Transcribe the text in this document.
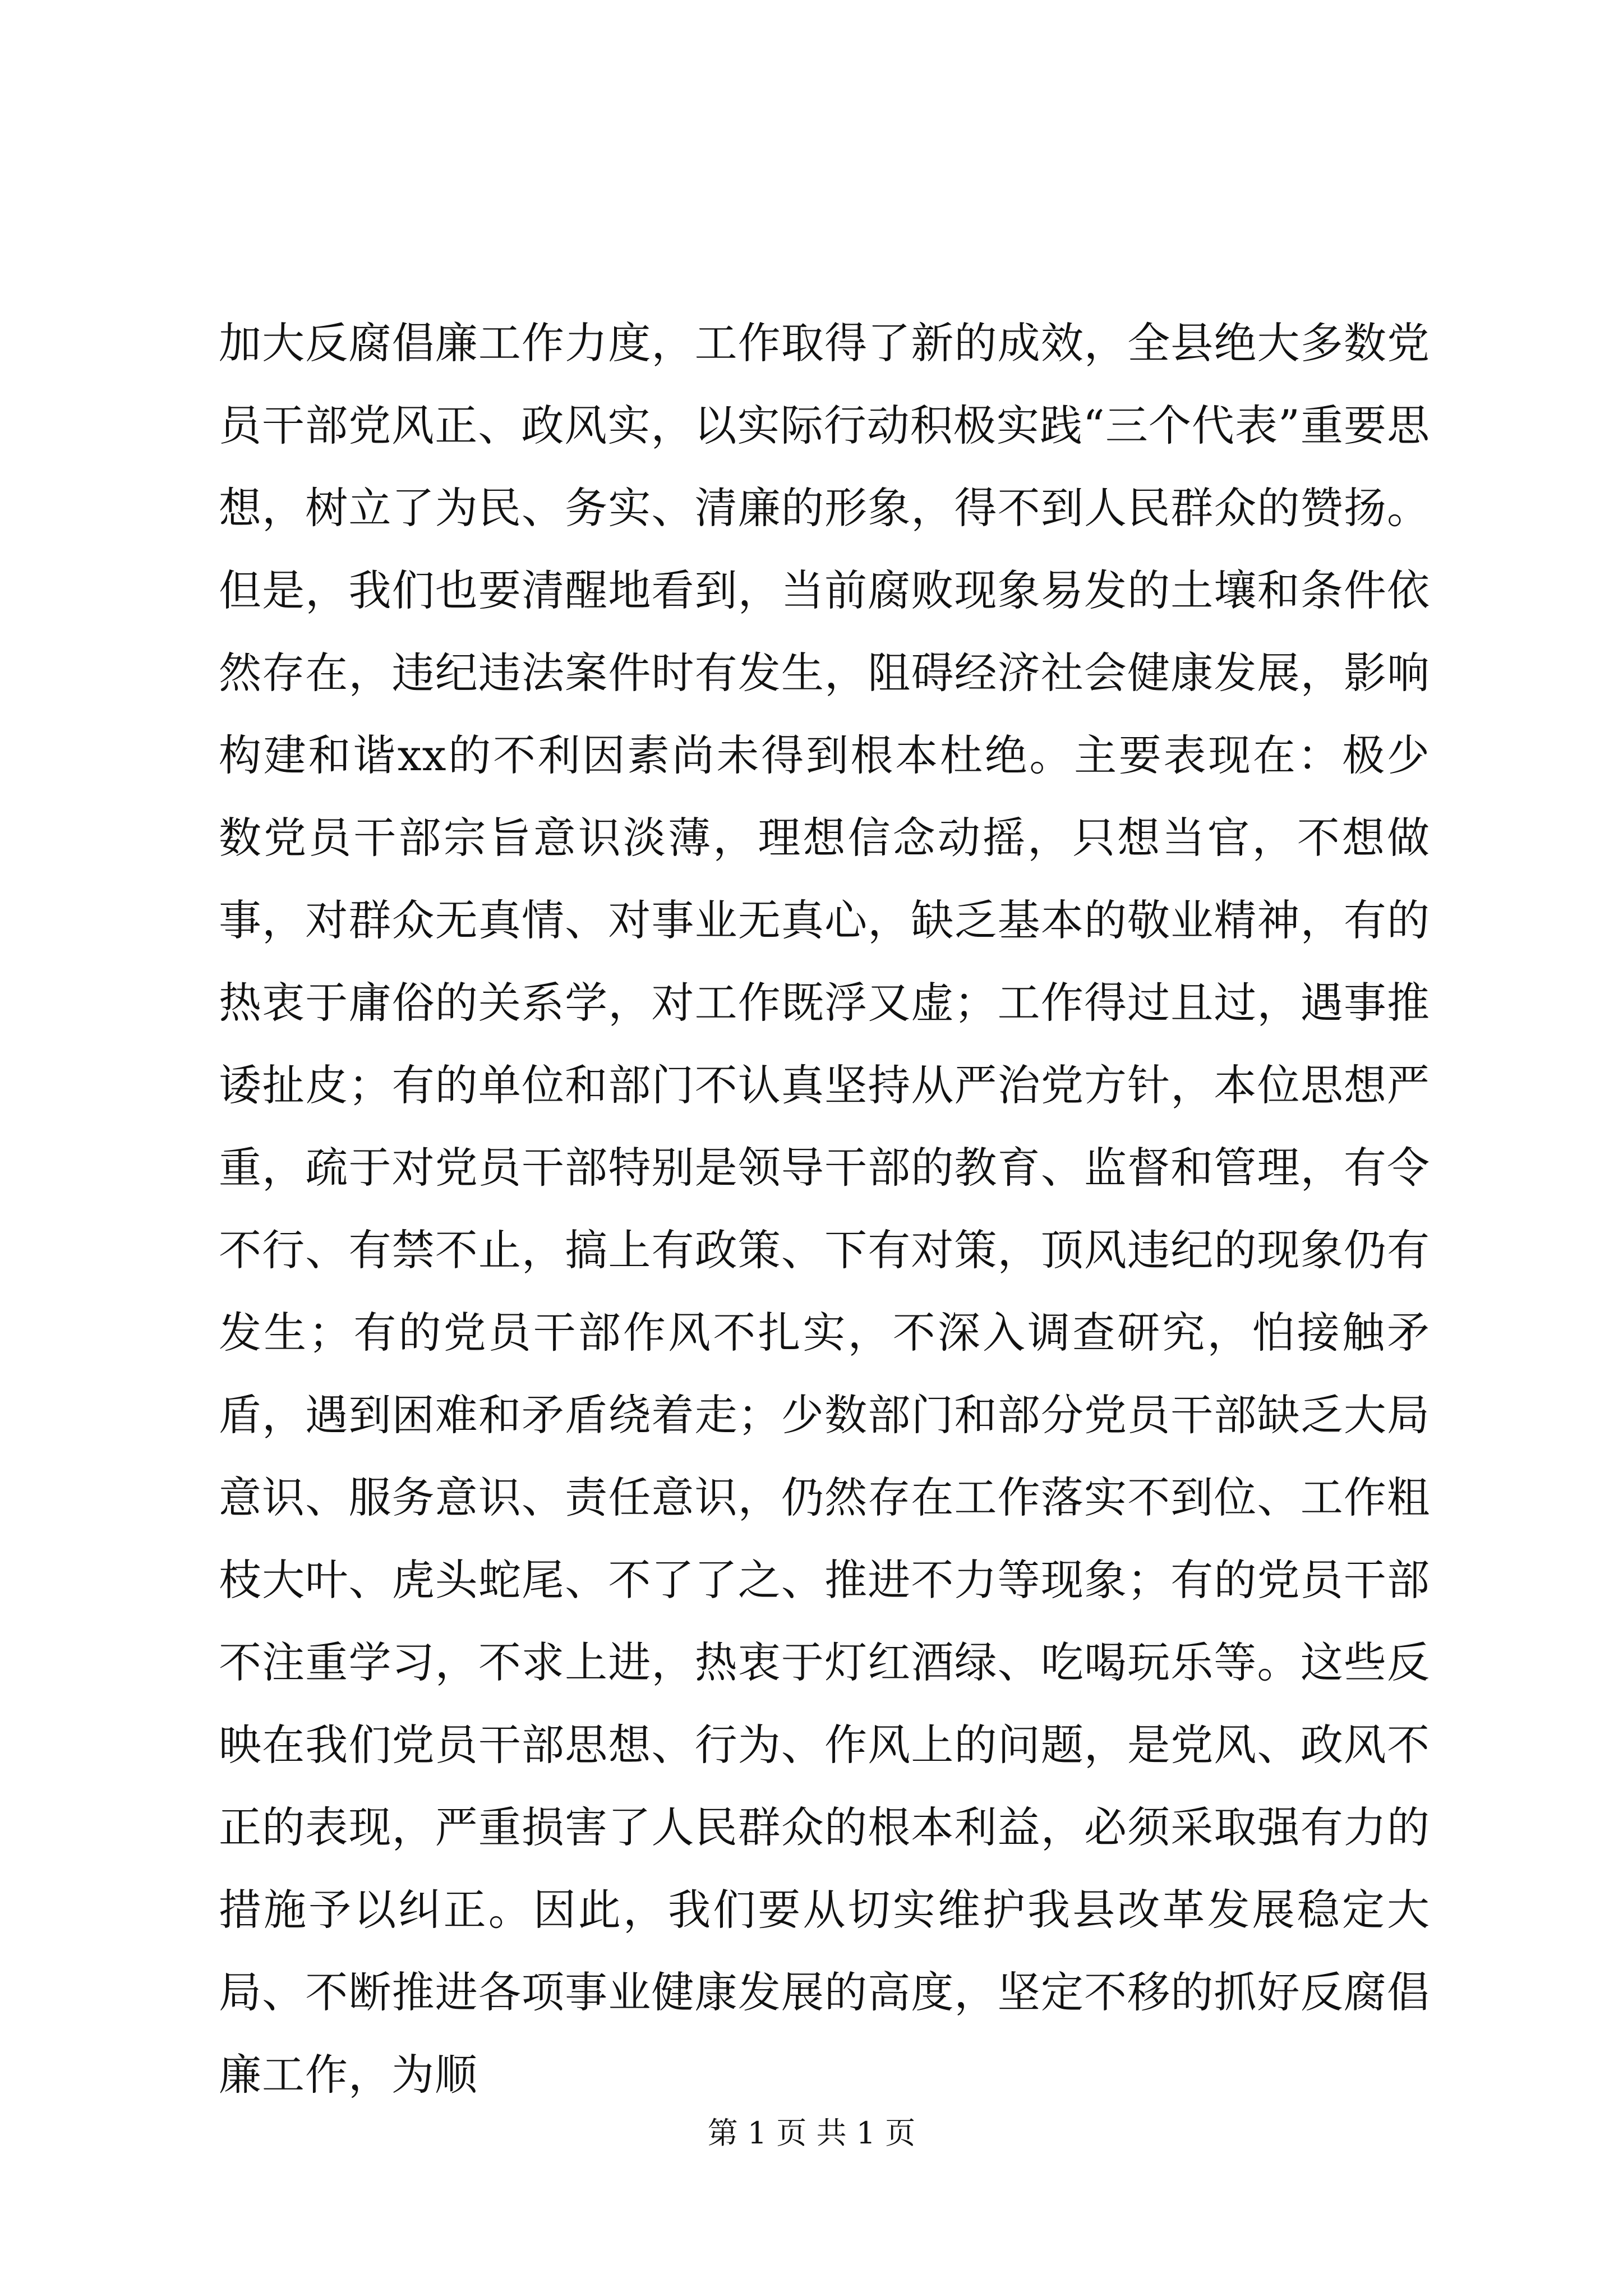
加大反腐倡廉工作力度，工作取得了新的成效，全县绝大多数党员干部党风正、政风实，以实际行动积极实践“三个代表”重要思想，树立了为民、务实、清廉的形象，得不到人民群众的赞扬。但是，我们也要清醒地看到，当前腐败现象易发的土壤和条件依然存在，违纪违法案件时有发生，阻碍经济社会健康发展，影响构建和谐xx的不利因素尚未得到根本杜绝。主要表现在：极少数党员干部宗旨意识淡薄，理想信念动摇，只想当官，不想做事，对群众无真情、对事业无真心，缺乏基本的敬业精神，有的热衷于庸俗的关系学，对工作既浮又虚；工作得过且过，遇事推诿扯皮；有的单位和部门不认真坚持从严治党方针，本位思想严重，疏于对党员干部特别是领导干部的教育、监督和管理，有令不行、有禁不止，搞上有政策、下有对策，顶风违纪的现象仍有发生；有的党员干部作风不扎实，不深入调查研究，怕接触矛盾，遇到困难和矛盾绕着走；少数部门和部分党员干部缺乏大局意识、服务意识、责任意识，仍然存在工作落实不到位、工作粗枝大叶、虎头蛇尾、不了了之、推进不力等现象；有的党员干部不注重学习，不求上进，热衷于灯红酒绿、吃喝玩乐等。这些反映在我们党员干部思想、行为、作风上的问题，是党风、政风不正的表现，严重损害了人民群众的根本利益，必须采取强有力的措施予以纠正。因此，我们要从切实维护我县改革发展稳定大局、不断推进各项事业健康发展的高度，坚定不移的抓好反腐倡廉工作，为顺

第 1 页 共 1 页
